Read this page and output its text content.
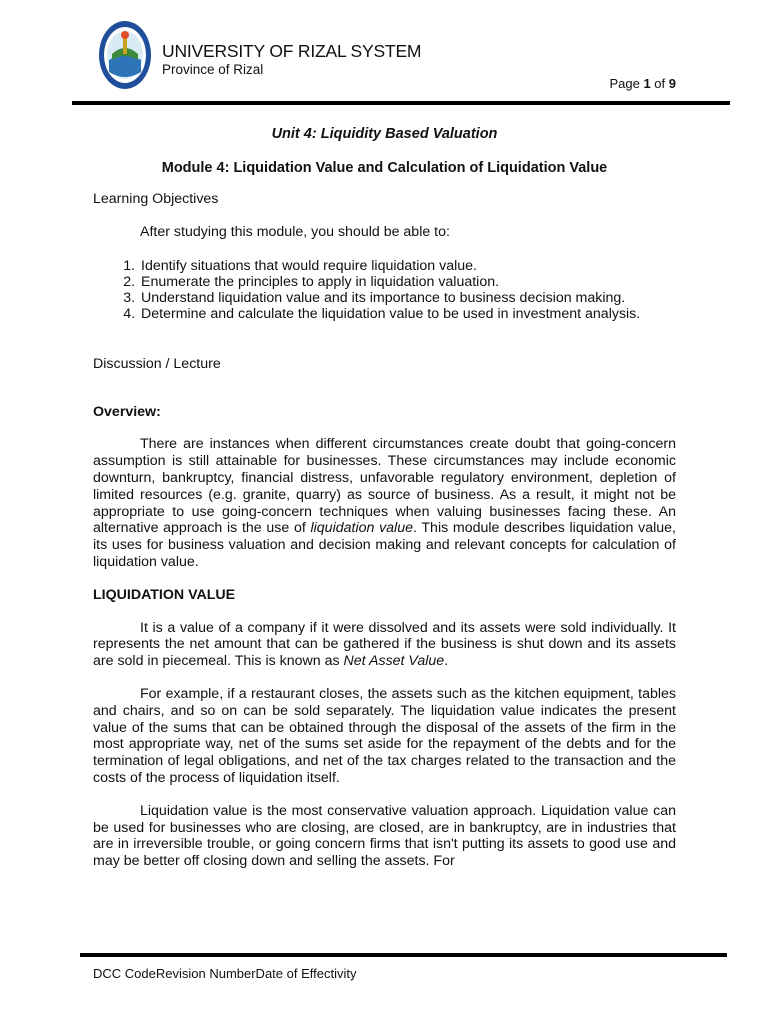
UNIVERSITY OF RIZAL SYSTEM
Province of Rizal
Page 1 of 9

Unit 4: Liquidity Based Valuation

Module 4: Liquidation Value and Calculation of Liquidation Value

Learning Objectives

After studying this module, you should be able to:

1. Identify situations that would require liquidation value.
2. Enumerate the principles to apply in liquidation valuation.
3. Understand liquidation value and its importance to business decision making.
4. Determine and calculate the liquidation value to be used in investment analysis.

Discussion / Lecture

Overview:

There are instances when different circumstances create doubt that going-concern assumption is still attainable for businesses. These circumstances may include economic downturn, bankruptcy, financial distress, unfavorable regulatory environment, depletion of limited resources (e.g. granite, quarry) as source of business. As a result, it might not be appropriate to use going-concern techniques when valuing businesses facing these. An alternative approach is the use of liquidation value. This module describes liquidation value, its uses for business valuation and decision making and relevant concepts for calculation of liquidation value.

LIQUIDATION VALUE

It is a value of a company if it were dissolved and its assets were sold individually. It represents the net amount that can be gathered if the business is shut down and its assets are sold in piecemeal. This is known as Net Asset Value.

For example, if a restaurant closes, the assets such as the kitchen equipment, tables and chairs, and so on can be sold separately. The liquidation value indicates the present value of the sums that can be obtained through the disposal of the assets of the firm in the most appropriate way, net of the sums set aside for the repayment of the debts and for the termination of legal obligations, and net of the tax charges related to the transaction and the costs of the process of liquidation itself.

Liquidation value is the most conservative valuation approach. Liquidation value can be used for businesses who are closing, are closed, are in bankruptcy, are in industries that are in irreversible trouble, or going concern firms that isn't putting its assets to good use and may be better off closing down and selling the assets. For

DCC CodeRevision NumberDate of Effectivity
